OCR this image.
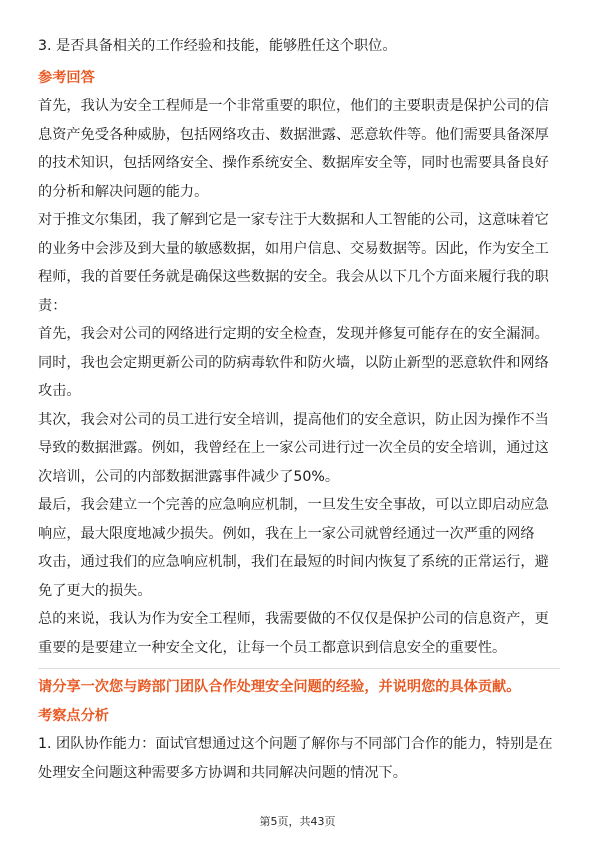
3. 是否具备相关的工作经验和技能，能够胜任这个职位。
参考回答
首先，我认为安全工程师是一个非常重要的职位，他们的主要职责是保护公司的信
息资产免受各种威胁，包括网络攻击、数据泄露、恶意软件等。他们需要具备深厚
的技术知识，包括网络安全、操作系统安全、数据库安全等，同时也需要具备良好
的分析和解决问题的能力。
对于推文尔集团，我了解到它是一家专注于大数据和人工智能的公司，这意味着它
的业务中会涉及到大量的敏感数据，如用户信息、交易数据等。因此，作为安全工
程师，我的首要任务就是确保这些数据的安全。我会从以下几个方面来履行我的职
责：
首先，我会对公司的网络进行定期的安全检查，发现并修复可能存在的安全漏洞。
同时，我也会定期更新公司的防病毒软件和防火墙，以防止新型的恶意软件和网络
攻击。
其次，我会对公司的员工进行安全培训，提高他们的安全意识，防止因为操作不当
导致的数据泄露。例如，我曾经在上一家公司进行过一次全员的安全培训，通过这
次培训，公司的内部数据泄露事件减少了50%。
最后，我会建立一个完善的应急响应机制，一旦发生安全事故，可以立即启动应急
响应，最大限度地减少损失。例如，我在上一家公司就曾经通过一次严重的网络
攻击，通过我们的应急响应机制，我们在最短的时间内恢复了系统的正常运行，避
免了更大的损失。
总的来说，我认为作为安全工程师，我需要做的不仅仅是保护公司的信息资产，更
重要的是要建立一种安全文化，让每一个员工都意识到信息安全的重要性。
请分享一次您与跨部门团队合作处理安全问题的经验，并说明您的具体贡献。
考察点分析
1. 团队协作能力：面试官想通过这个问题了解你与不同部门合作的能力，特别是在
处理安全问题这种需要多方协调和共同解决问题的情况下。
第5页，共43页
